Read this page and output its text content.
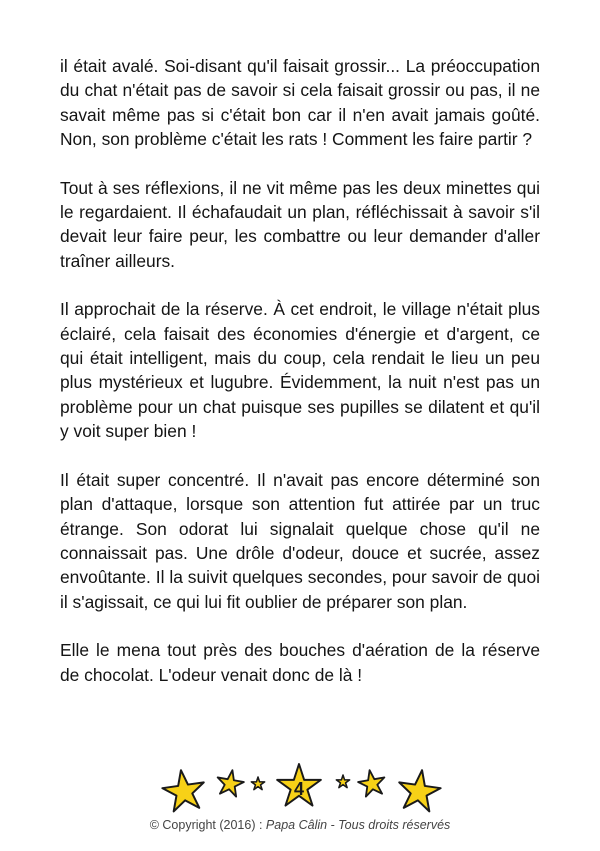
il était avalé. Soi-disant qu'il faisait grossir... La préoccupation du chat n'était pas de savoir si cela faisait grossir ou pas, il ne savait même pas si c'était bon car il n'en avait jamais goûté. Non, son problème c'était les rats ! Comment les faire partir ?

Tout à ses réflexions, il ne vit même pas les deux minettes qui le regardaient. Il échafaudait un plan, réfléchissait à savoir s'il devait leur faire peur, les combattre ou leur demander d'aller traîner ailleurs.

Il approchait de la réserve. À cet endroit, le village n'était plus éclairé, cela faisait des économies d'énergie et d'argent, ce qui était intelligent, mais du coup, cela rendait le lieu un peu plus mystérieux et lugubre. Évidemment, la nuit n'est pas un problème pour un chat puisque ses pupilles se dilatent et qu'il y voit super bien !

Il était super concentré. Il n'avait pas encore déterminé son plan d'attaque, lorsque son attention fut attirée par un truc étrange. Son odorat lui signalait quelque chose qu'il ne connaissait pas. Une drôle d'odeur, douce et sucrée, assez envoûtante. Il la suivit quelques secondes, pour savoir de quoi il s'agissait, ce qui lui fit oublier de préparer son plan.

Elle le mena tout près des bouches d'aération de la réserve de chocolat. L'odeur venait donc de là !

4
© Copyright (2016) : Papa Câlin - Tous droits réservés
